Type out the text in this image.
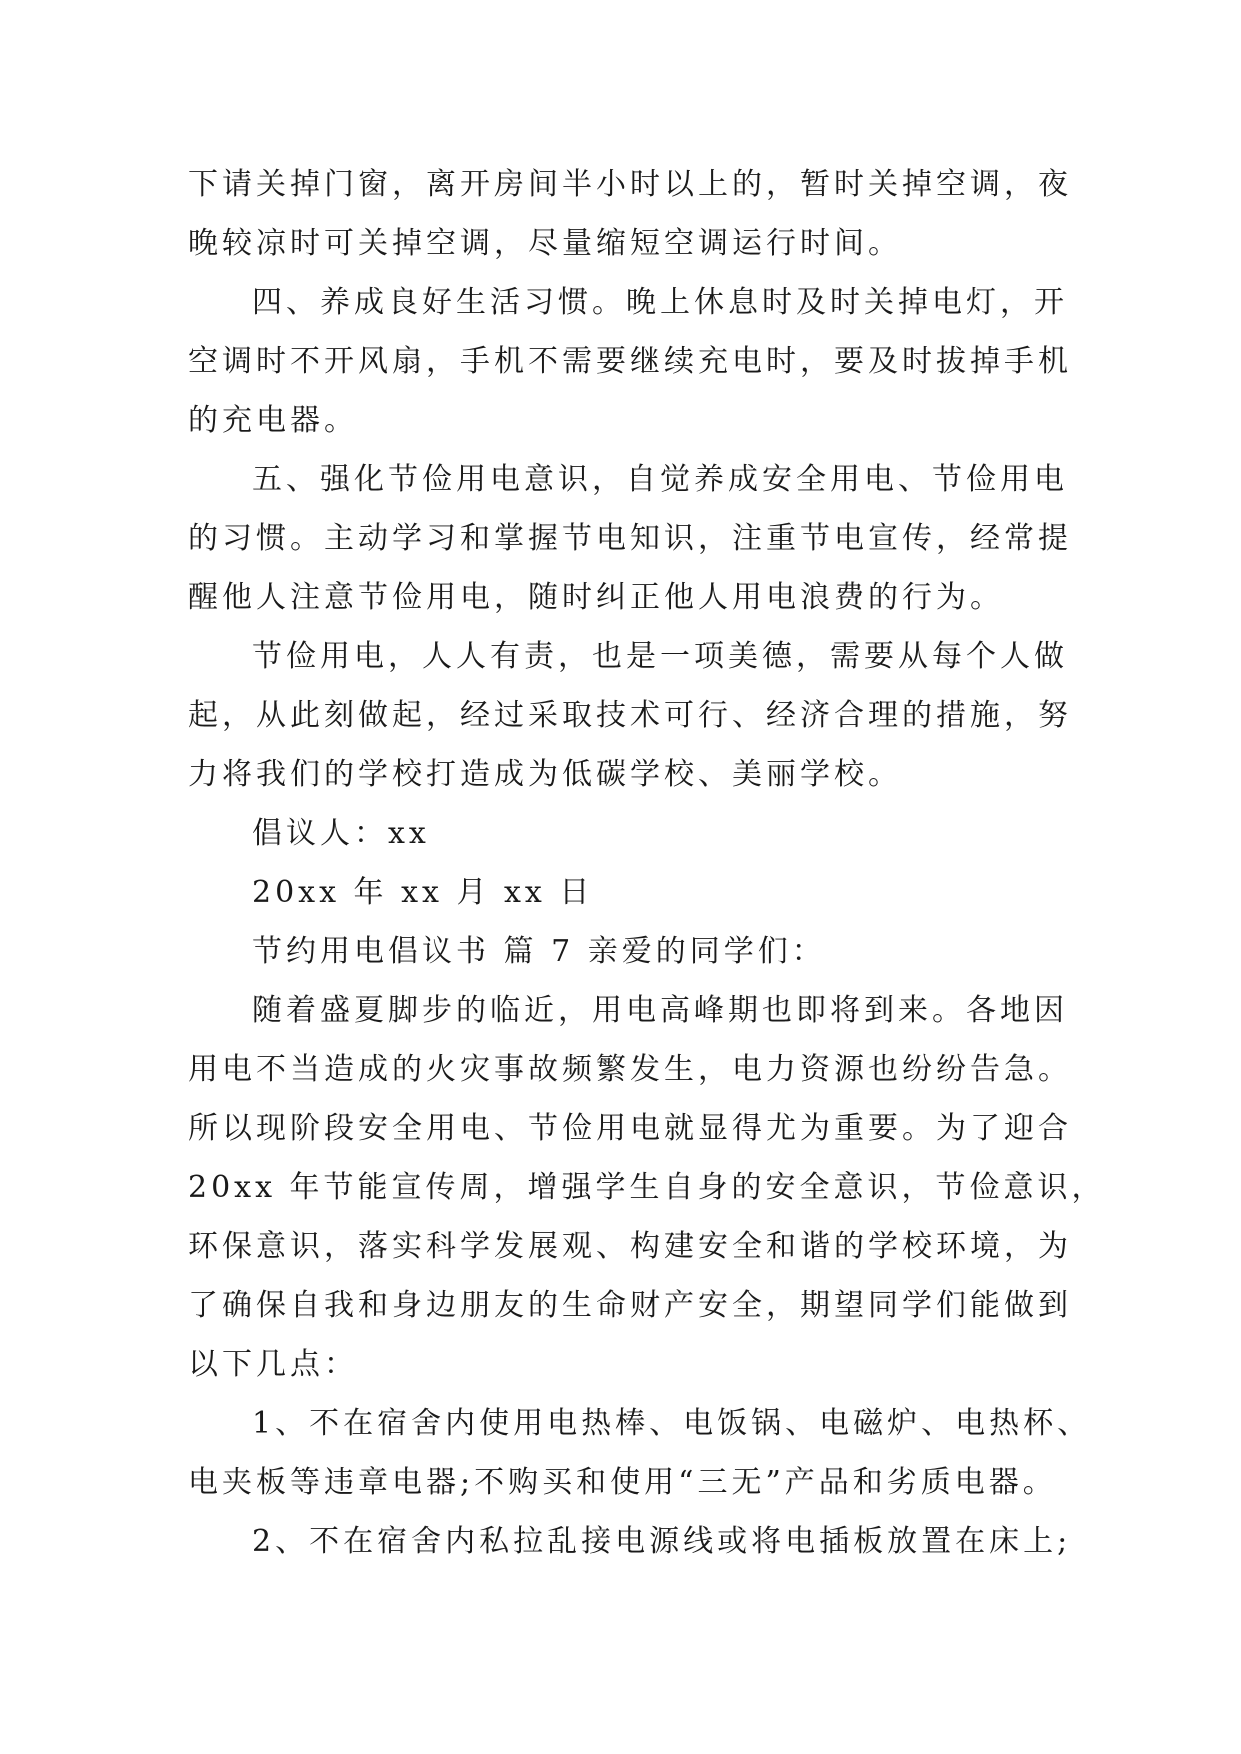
下请关掉门窗，离开房间半小时以上的，暂时关掉空调，夜
晚较凉时可关掉空调，尽量缩短空调运行时间。
四、养成良好生活习惯。晚上休息时及时关掉电灯，开
空调时不开风扇，手机不需要继续充电时，要及时拔掉手机
的充电器。
五、强化节俭用电意识，自觉养成安全用电、节俭用电
的习惯。主动学习和掌握节电知识，注重节电宣传，经常提
醒他人注意节俭用电，随时纠正他人用电浪费的行为。
节俭用电，人人有责，也是一项美德，需要从每个人做
起，从此刻做起，经过采取技术可行、经济合理的措施，努
力将我们的学校打造成为低碳学校、美丽学校。
倡议人：xx
20xx 年 xx 月 xx 日
节约用电倡议书 篇 7 亲爱的同学们：
随着盛夏脚步的临近，用电高峰期也即将到来。各地因
用电不当造成的火灾事故频繁发生，电力资源也纷纷告急。
所以现阶段安全用电、节俭用电就显得尤为重要。为了迎合
20xx 年节能宣传周，增强学生自身的安全意识，节俭意识，
环保意识，落实科学发展观、构建安全和谐的学校环境，为
了确保自我和身边朋友的生命财产安全，期望同学们能做到
以下几点：
1、不在宿舍内使用电热棒、电饭锅、电磁炉、电热杯、
电夹板等违章电器;不购买和使用“三无”产品和劣质电器。
2、不在宿舍内私拉乱接电源线或将电插板放置在床上;
